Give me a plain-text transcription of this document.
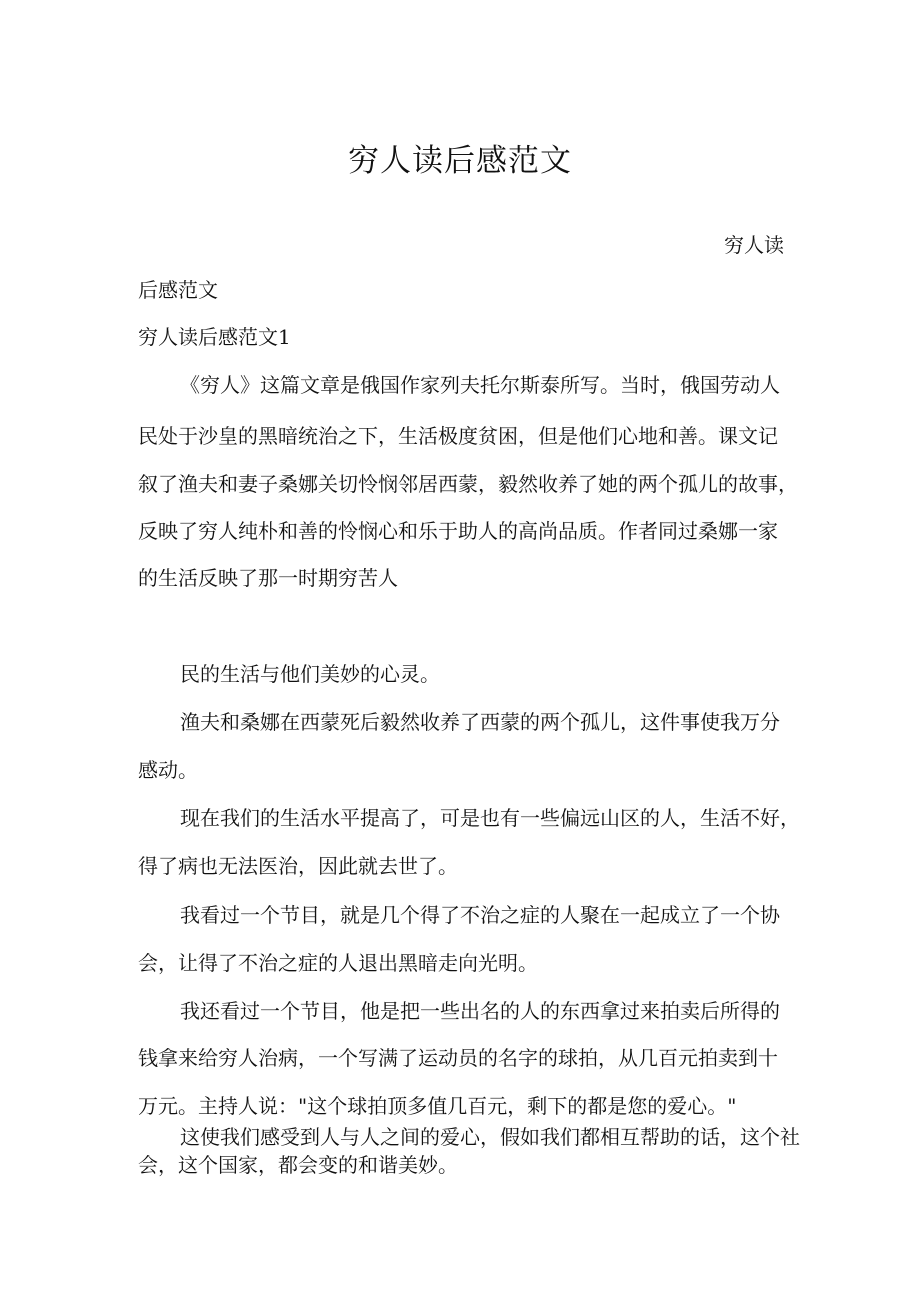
穷人读后感范文

穷人读

后感范文

穷人读后感范文1

《穷人》这篇文章是俄国作家列夫托尔斯泰所写。当时，俄国劳动人

民处于沙皇的黑暗统治之下，生活极度贫困，但是他们心地和善。课文记

叙了渔夫和妻子桑娜关切怜悯邻居西蒙，毅然收养了她的两个孤儿的故事，

反映了穷人纯朴和善的怜悯心和乐于助人的高尚品质。作者同过桑娜一家

的生活反映了那一时期穷苦人

民的生活与他们美妙的心灵。

渔夫和桑娜在西蒙死后毅然收养了西蒙的两个孤儿，这件事使我万分

感动。

现在我们的生活水平提高了，可是也有一些偏远山区的人，生活不好，

得了病也无法医治，因此就去世了。

我看过一个节目，就是几个得了不治之症的人聚在一起成立了一个协

会，让得了不治之症的人退出黑暗走向光明。

我还看过一个节目，他是把一些出名的人的东西拿过来拍卖后所得的

钱拿来给穷人治病，一个写满了运动员的名字的球拍，从几百元拍卖到十

万元。主持人说："这个球拍顶多值几百元，剩下的都是您的爱心。"

这使我们感受到人与人之间的爱心，假如我们都相互帮助的话，这个社

会，这个国家，都会变的和谐美妙。
